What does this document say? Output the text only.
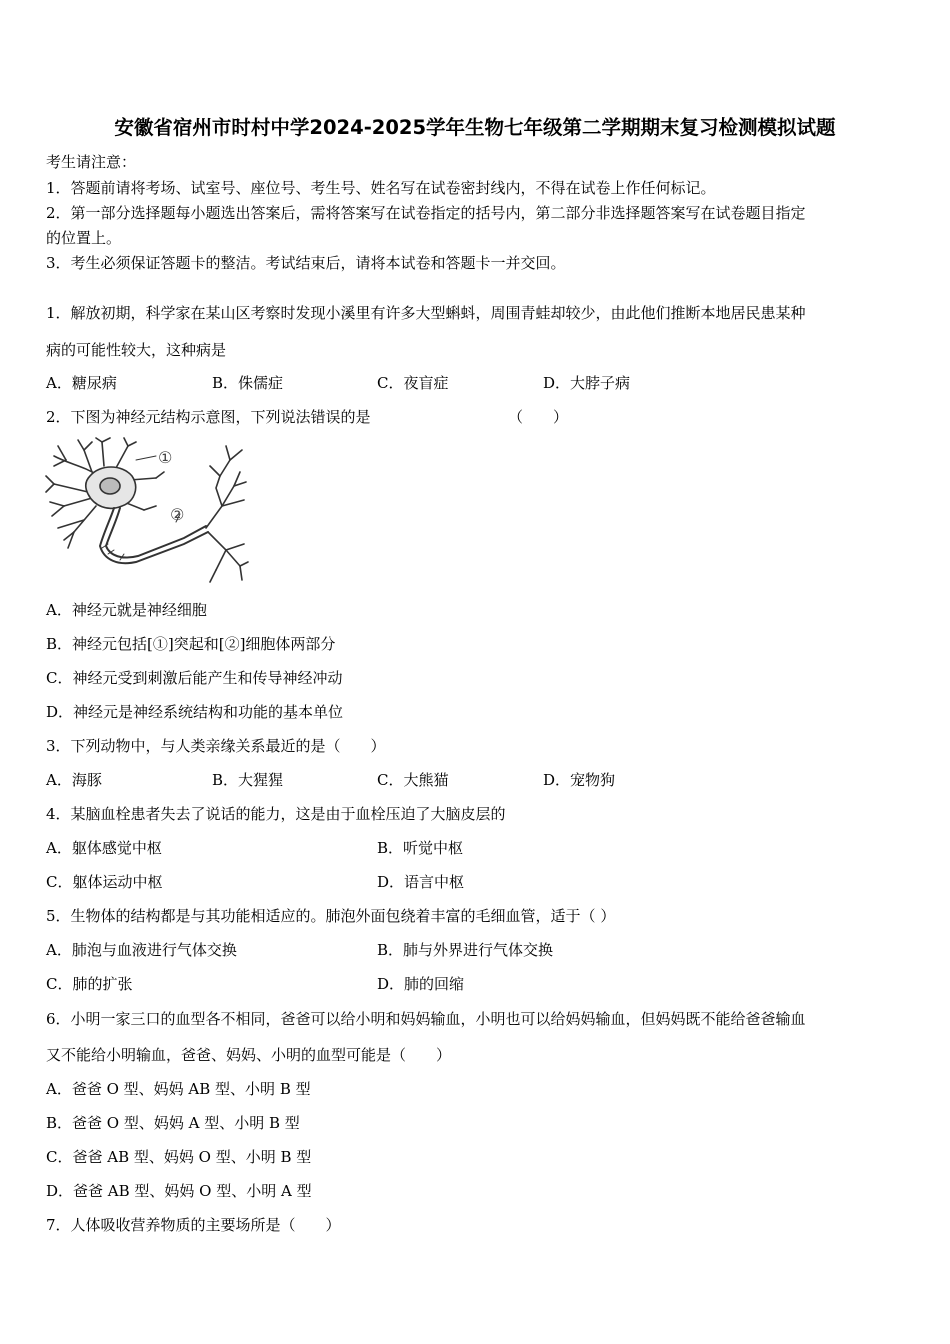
安徽省宿州市时村中学2024-2025学年生物七年级第二学期期末复习检测模拟试题
考生请注意：
1．答题前请将考场、试室号、座位号、考生号、姓名写在试卷密封线内，不得在试卷上作任何标记。
2．第一部分选择题每小题选出答案后，需将答案写在试卷指定的括号内，第二部分非选择题答案写在试卷题目指定
的位置上。
3．考生必须保证答题卡的整洁。考试结束后，请将本试卷和答题卡一并交回。
1．解放初期，科学家在某山区考察时发现小溪里有许多大型蝌蚪，周围青蛙却较少，由此他们推断本地居民患某种
病的可能性较大，这种病是
A．糖尿病	B．侏儒症	C．夜盲症	D．大脖子病
2．下图为神经元结构示意图，下列说法错误的是	（　　）
①
②
A．神经元就是神经细胞
B．神经元包括[①]突起和[②]细胞体两部分
C．神经元受到刺激后能产生和传导神经冲动
D．神经元是神经系统结构和功能的基本单位
3．下列动物中，与人类亲缘关系最近的是（　　）
A．海豚	B．大猩猩	C．大熊猫	D．宠物狗
4．某脑血栓患者失去了说话的能力，这是由于血栓压迫了大脑皮层的
A．躯体感觉中枢	B．听觉中枢
C．躯体运动中枢	D．语言中枢
5．生物体的结构都是与其功能相适应的。肺泡外面包绕着丰富的毛细血管，适于（ ）
A．肺泡与血液进行气体交换	B．肺与外界进行气体交换
C．肺的扩张	D．肺的回缩
6．小明一家三口的血型各不相同，爸爸可以给小明和妈妈输血，小明也可以给妈妈输血，但妈妈既不能给爸爸输血
又不能给小明输血，爸爸、妈妈、小明的血型可能是（　　）
A．爸爸 O 型、妈妈 AB 型、小明 B 型
B．爸爸 O 型、妈妈 A 型、小明 B 型
C．爸爸 AB 型、妈妈 O 型、小明 B 型
D．爸爸 AB 型、妈妈 O 型、小明 A 型
7．人体吸收营养物质的主要场所是（　　）
